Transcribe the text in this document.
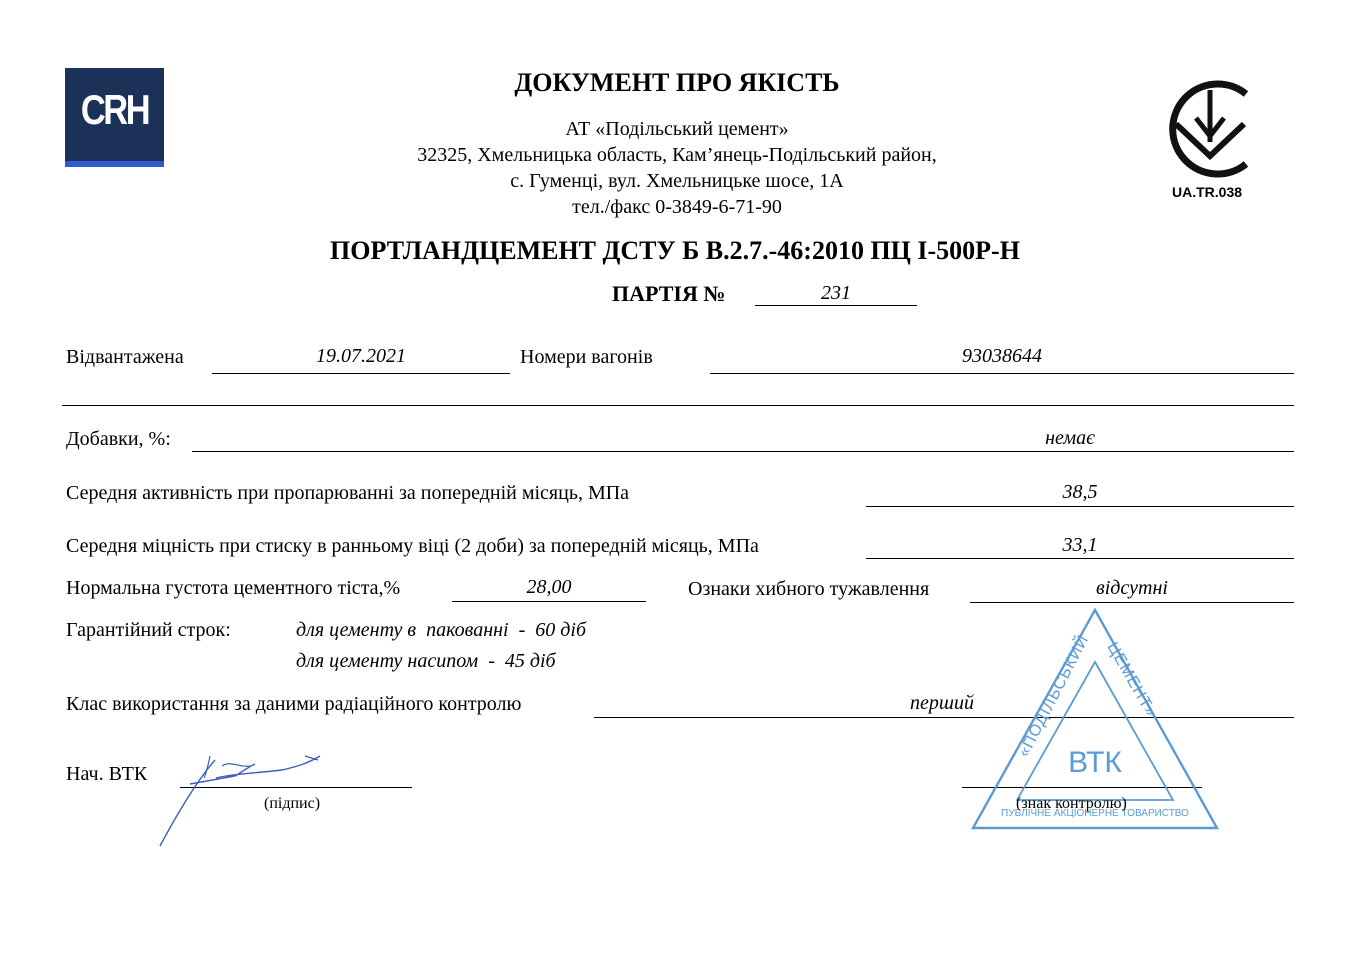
CRH
ДОКУМЕНТ ПРО ЯКІСТЬ
АТ «Подільський цемент»
32325, Хмельницька область, Кам’янець-Подільський район,
с. Гуменці, вул. Хмельницьке шосе, 1А
тел./факс 0-3849-6-71-90
UA.TR.038
ПОРТЛАНДЦЕМЕНТ ДСТУ Б В.2.7.-46:2010 ПЦ І-500Р-Н
ПАРТІЯ №	231
Відвантажена	19.07.2021	Номери вагонів	93038644
Добавки, %:	немає
Середня активність при пропарюванні за попередній місяць, МПа	38,5
Середня міцність при стиску в ранньому віці (2 доби) за попередній місяць, МПа	33,1
Нормальна густота цементного тіста,%	28,00	Ознаки хибного тужавлення	відсутні
Гарантійний строк:	для цементу в  пакованні  -  60 діб
для цементу насипом  -  45 діб
Клас використання за даними радіаційного контролю	перший
Нач. ВТК
(підпис)
«ПОДІЛЬСЬКИЙ ЦЕМЕНТ»
ВТК
ПУБЛІЧНЕ АКЦІОНЕРНЕ ТОВАРИСТВО
(знак контролю)
